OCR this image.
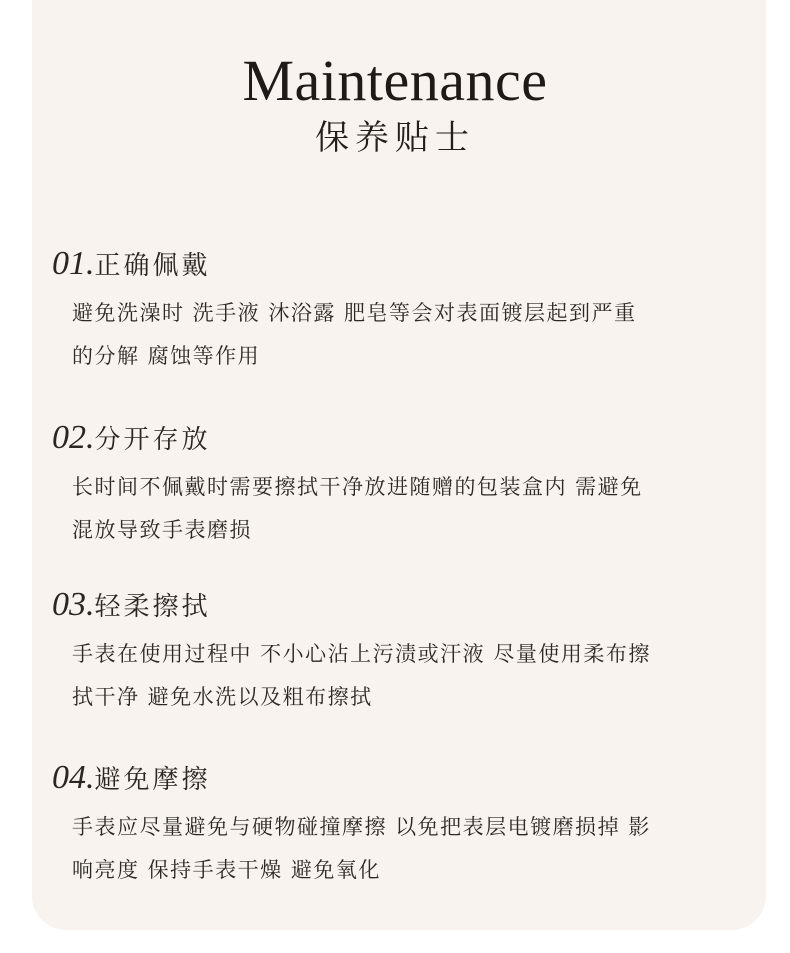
Maintenance
保养贴士
01.正确佩戴
避免洗澡时 洗手液 沐浴露 肥皂等会对表面镀层起到严重
的分解 腐蚀等作用
02.分开存放
长时间不佩戴时需要擦拭干净放进随赠的包装盒内 需避免
混放导致手表磨损
03.轻柔擦拭
手表在使用过程中 不小心沾上污渍或汗液 尽量使用柔布擦
拭干净 避免水洗以及粗布擦拭
04.避免摩擦
手表应尽量避免与硬物碰撞摩擦 以免把表层电镀磨损掉 影
响亮度 保持手表干燥 避免氧化
